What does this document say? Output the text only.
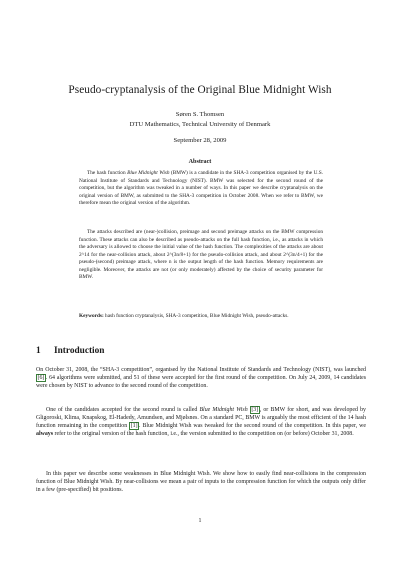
Pseudo-cryptanalysis of the Original Blue Midnight Wish
Søren S. Thomsen
DTU Mathematics, Technical University of Denmark
September 28, 2009
Abstract

The hash function Blue Midnight Wish (BMW) is a candidate in the SHA-3 competition organised by the U.S. National Institute of Standards and Technology (NIST). BMW was selected for the second round of the competition, but the algorithm was tweaked in a number of ways. In this paper we describe cryptanalysis on the original version of BMW, as submitted to the SHA-3 competition in October 2008. When we refer to BMW, we therefore mean the original version of the algorithm.

The attacks described are (near-)collision, preimage and second preimage attacks on the BMW compression function. These attacks can also be described as pseudo-attacks on the full hash function, i.e., as attacks in which the adversary is allowed to choose the initial value of the hash function. The complexities of the attacks are about 2^14 for the near-collision attack, about 2^(3n/8+1) for the pseudo-collision attack, and about 2^(3n/4+1) for the pseudo-(second) preimage attack, where n is the output length of the hash function. Memory requirements are negligible. Moreover, the attacks are not (or only moderately) affected by the choice of security parameter for BMW.

Keywords: hash function cryptanalysis, SHA-3 competition, Blue Midnight Wish, pseudo-attacks.

1 Introduction

On October 31, 2008, the “SHA-3 competition”, organised by the National Institute of Standards and Technology (NIST), was launched [6] . 64 algorithms were submitted, and 51 of these were accepted for the first round of the competition. On July 24, 2009, 14 candidates were chosen by NIST to advance to the second round of the competition.

One of the candidates accepted for the second round is called Blue Midnight Wish [3] , or BMW for short, and was developed by Gligoroski, Klima, Knapskog, El-Hadedy, Amundsen, and Mjølsnes. On a standard PC, BMW is arguably the most efficient of the 14 hash function remaining in the competition [1] . Blue Midnight Wish was tweaked for the second round of the competition. In this paper, we always refer to the original version of the hash function, i.e., the version submitted to the competition on (or before) October 31, 2008.

In this paper we describe some weaknesses in Blue Midnight Wish. We show how to easily find near-collisions in the compression function of Blue Midnight Wish. By near-collisions we mean a pair of inputs to the compression function for which the outputs only differ in a few (pre-specified) bit positions.

1
